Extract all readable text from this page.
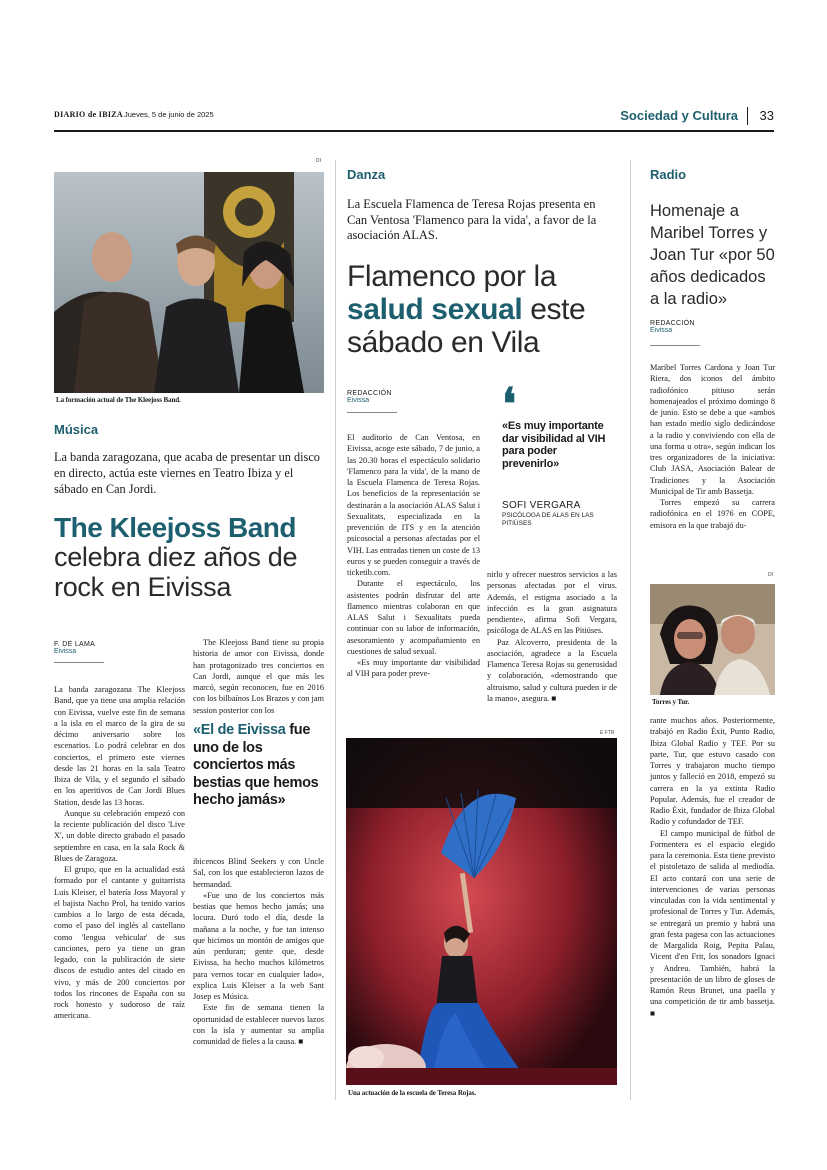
DIARIO de IBIZA Jueves, 5 de junio de 2025	Sociedad y Cultura 33
DI
La formación actual de The Kleejoss Band.
Música
La banda zaragozana, que acaba de presentar un disco en directo, actúa este viernes en Teatro Ibiza y el sábado en Can Jordi.
The Kleejoss Band
celebra diez años de rock en Eivissa
F. DE LAMA
Eivissa

La banda zaragozana The Kleejoss Band, que ya tiene una amplia relación con Eivissa, vuelve este fin de semana a la isla en el marco de la gira de su décimo aniversario sobre los escenarios. Lo podrá celebrar en dos conciertos, el primero este viernes desde las 21 horas en la sala Teatro Ibiza de Vila, y el segundo el sábado en los aperitivos de Can Jordi Blues Station, desde las 13 horas.

Aunque su celebración empezó con la reciente publicación del disco 'Live X', un doble directo grabado el pasado septiembre en casa, en la sala Rock & Blues de Zaragoza.

El grupo, que en la actualidad está formado por el cantante y guitarrista Luis Kleiser, el batería Joss Mayoral y el bajista Nacho Prol, ha tenido varios cambios a lo largo de esta década, como el paso del inglés al castellano como 'lengua vehicular' de sus canciones, pero ya tiene un gran legado, con la publicación de siete discos de estudio antes del citado en vivo, y más de 200 conciertos por todos los rincones de España con su rock honesto y sudoroso de raíz americana.

The Kleejoss Band tiene su propia historia de amor con Eivissa, donde han protagonizado tres conciertos en Can Jordi, aunque el que más les marcó, según reconocen, fue en 2016 con los bilbaínos Los Brazos y con jam session posterior con los

«El de Eivissa fue uno de los conciertos más bestias que hemos hecho jamás»

ibicencos Blind Seekers y con Uncle Sal, con los que establecieron lazos de hermandad.

«Fue uno de los conciertos más bestias que hemos hecho jamás; una locura. Duró todo el día, desde la mañana a la noche, y fue tan intenso que hicimos un montón de amigos que aún perduran; gente que, desde Eivissa, ha hecho muchos kilómetros para vernos tocar en cualquier lado», explica Luis Kleiser a la web Sant Josep es Música.

Este fin de semana tienen la oportunidad de establecer nuevos lazos con la isla y aumentar su amplia comunidad de fieles a la causa. ■

Danza
La Escuela Flamenca de Teresa Rojas presenta en Can Ventosa 'Flamenco para la vida', a favor de la asociación ALAS.
Flamenco por la
salud sexual este sábado en Vila
REDACCIÓN
Eivissa

El auditorio de Can Ventosa, en Eivissa, acoge este sábado, 7 de junio, a las 20.30 horas el espectáculo solidario 'Flamenco para la vida', de la mano de la Escuela Flamenca de Teresa Rojas. Los beneficios de la representación se destinarán a la asociación ALAS Salut i Sexualitats, especializada en la prevención de ITS y en la atención psicosocial a personas afectadas por el VIH. Las entradas tienen un coste de 13 euros y se pueden conseguir a través de ticketib.com.

Durante el espectáculo, los asistentes podrán disfrutar del arte flamenco mientras colaboran en que ALAS Salut i Sexualitats pueda continuar con su labor de información, asesoramiento y acompañamiento en cuestiones de salud sexual.

«Es muy importante dar visibilidad al VIH para poder preve-

❛
«Es muy importante dar visibilidad al VIH para poder prevenirlo»
SOFI VERGARA
PSICÓLOGA DE ALAS EN LAS PITIÜSES

nirlo y ofrecer nuestros servicios a las personas afectadas por el virus. Además, el estigma asociado a la infección es la gran asignatura pendiente», afirma Sofi Vergara, psicóloga de ALAS en las Pitiüses.

Paz Alcoverro, presidenta de la asociación, agradece a la Escuela Flamenca Teresa Rojas su generosidad y colaboración, «demostrando que altruismo, salud y cultura pueden ir de la mano», asegura. ■

E FTR
Una actuación de la escuela de Teresa Rojas.
Radio
Homenaje a Maribel Torres y Joan Tur «por 50 años dedicados a la radio»
REDACCIÓN
Eivissa

Maribel Torres Cardona y Joan Tur Riera, dos iconos del ámbito radiofónico pitiuso serán homenajeados el próximo domingo 8 de junio. Esto se debe a que «ambos han estado medio siglo dedicándose a la radio y conviviendo con ella de una forma u otra», según indican los tres organizadores de la iniciativa: Club JASA, Asociación Balear de Tradiciones y la Asociación Municipal de Tir amb Bassetja.

Torres empezó su carrera radiofónica en el 1976 en COPE, emisora en la que trabajó du-

DI
Torres y Tur.

rante muchos años. Posteriormente, trabajó en Radio Èxit, Punto Radio, Ibiza Global Radio y TEF. Por su parte, Tur, que estuvo casado con Torres y trabajaron mucho tiempo juntos y falleció en 2018, empezó su carrera en la ya extinta Radio Popular. Además, fue el creador de Radio Èxit, fundador de Ibiza Global Radio y cofundador de TEF.

El campo municipal de fútbol de Formentera es el espacio elegido para la ceremonia. Esta tiene previsto el pistoletazo de salida al mediodía. El acto contará con una serie de intervenciones de varias personas vinculadas con la vida sentimental y profesional de Torres y Tur. Además, se entregará un premio y habrá una gran festa pagesa con las actuaciones de Margalida Roig, Pepita Palau, Vicent d'en Frit, los sonadors Ignaci y Andreu. También, habrá la presentación de un libro de gloses de Ramón Reus Brunet, una paella y una competición de tir amb bassetja. ■
